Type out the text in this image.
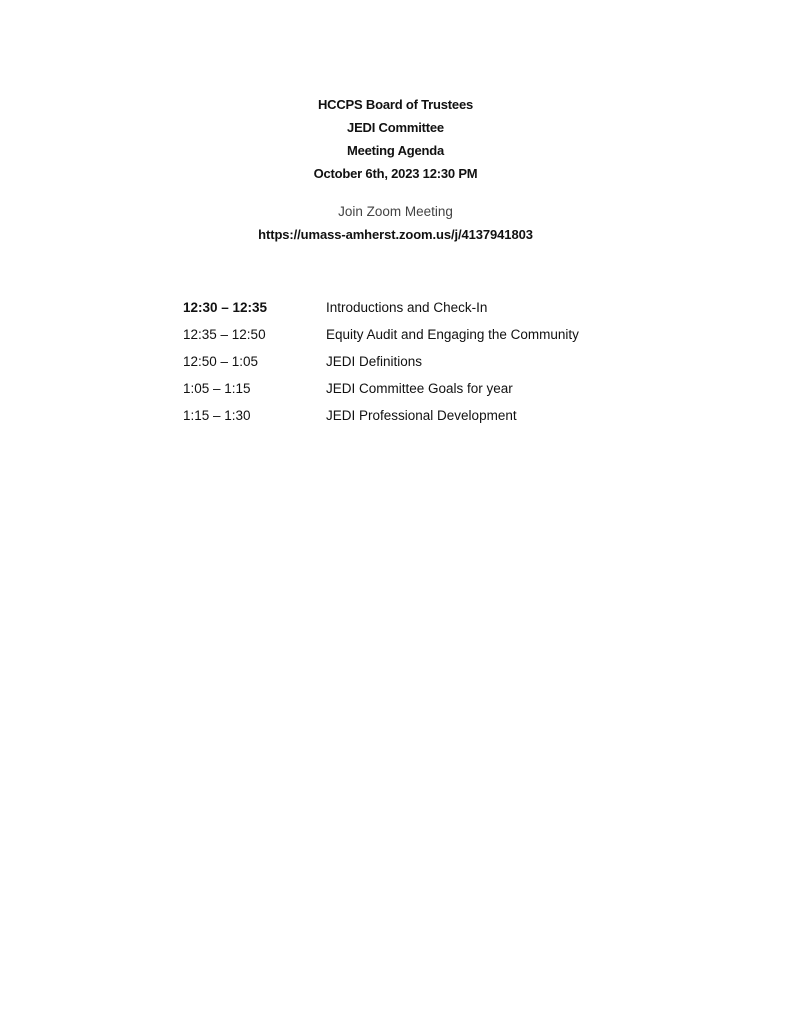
HCCPS Board of Trustees
JEDI Committee
Meeting Agenda
October 6th, 2023 12:30 PM
Join Zoom Meeting
https://umass-amherst.zoom.us/j/4137941803
12:30 – 12:35	Introductions and Check-In
12:35 – 12:50	Equity Audit and Engaging the Community
12:50 – 1:05	JEDI Definitions
1:05 – 1:15	JEDI Committee Goals for year
1:15 – 1:30	JEDI Professional Development
